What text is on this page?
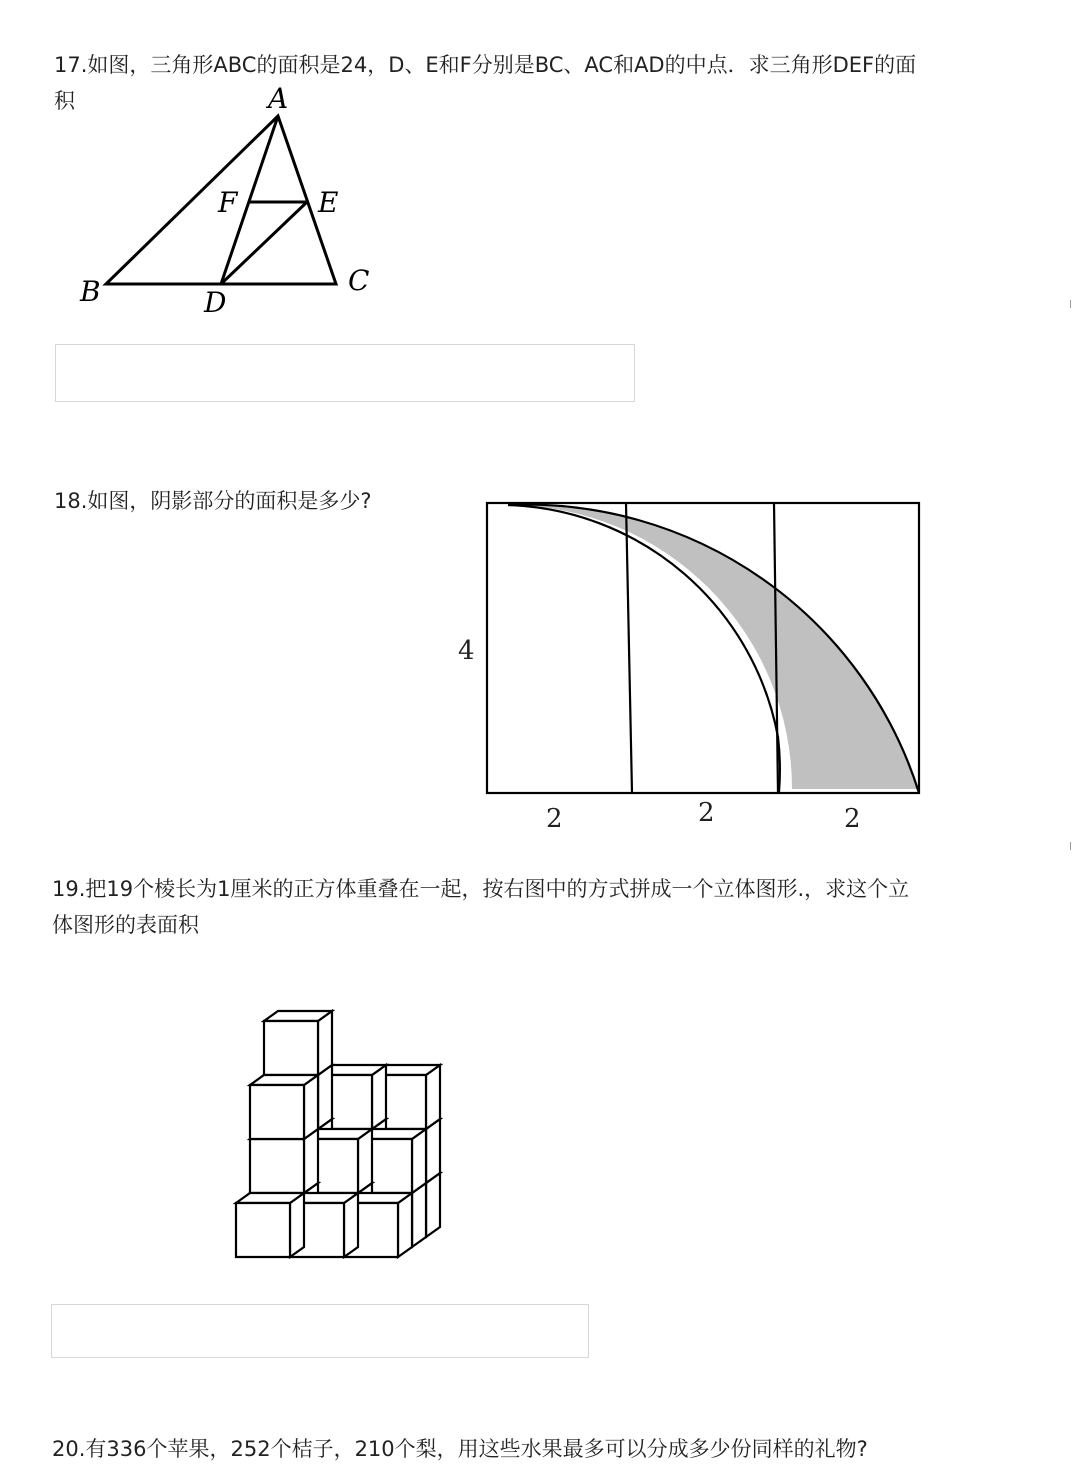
17.如图，三角形ABC的面积是24，D、E和F分别是BC、AC和AD的中点．求三角形DEF的面

积	A
B	C
D
E
F

18.如图，阴影部分的面积是多少?

4
2	2	2

19.把19个棱长为1厘米的正方体重叠在一起，按右图中的方式拼成一个立体图形.，求这个立

体图形的表面积

20.有336个苹果，252个桔子，210个梨，用这些水果最多可以分成多少份同样的礼物?
